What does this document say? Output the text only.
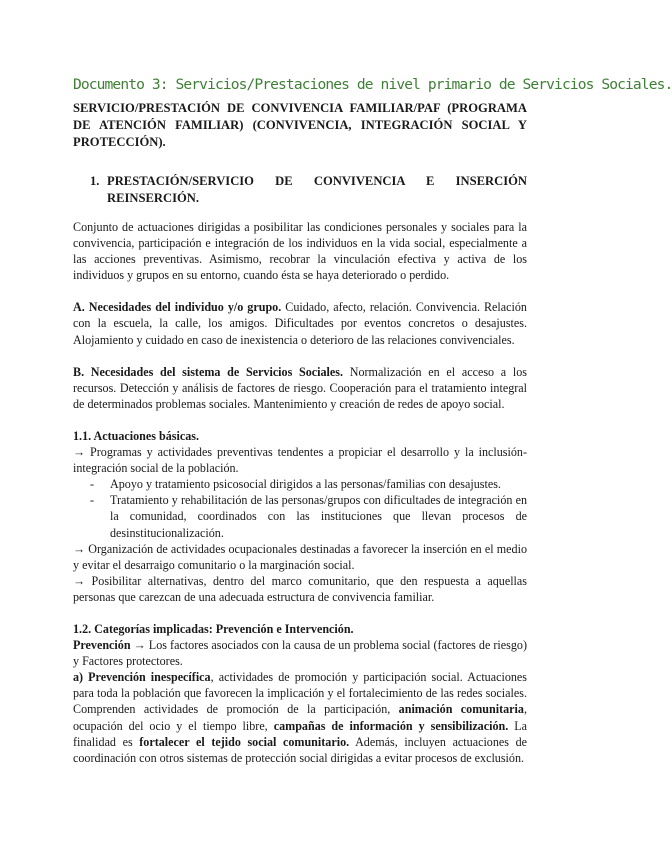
Documento 3: Servicios/Prestaciones de nivel primario de Servicios Sociales.
SERVICIO/PRESTACIÓN DE CONVIVENCIA FAMILIAR/PAF (PROGRAMA DE ATENCIÓN FAMILIAR) (CONVIVENCIA, INTEGRACIÓN SOCIAL Y PROTECCIÓN).
1. PRESTACIÓN/SERVICIO DE CONVIVENCIA E INSERCIÓN REINSERCIÓN.

Conjunto de actuaciones dirigidas a posibilitar las condiciones personales y sociales para la convivencia, participación e integración de los individuos en la vida social, especialmente a las acciones preventivas. Asimismo, recobrar la vinculación efectiva y activa de los individuos y grupos en su entorno, cuando ésta se haya deteriorado o perdido.

A. Necesidades del individuo y/o grupo. Cuidado, afecto, relación. Convivencia. Relación con la escuela, la calle, los amigos. Dificultades por eventos concretos o desajustes. Alojamiento y cuidado en caso de inexistencia o deterioro de las relaciones convivenciales.

B. Necesidades del sistema de Servicios Sociales. Normalización en el acceso a los recursos. Detección y análisis de factores de riesgo. Cooperación para el tratamiento integral de determinados problemas sociales. Mantenimiento y creación de redes de apoyo social.

1.1. Actuaciones básicas.

→ Programas y actividades preventivas tendentes a propiciar el desarrollo y la inclusión-integración social de la población.

-	Apoyo y tratamiento psicosocial dirigidos a las personas/familias con desajustes.
-	Tratamiento y rehabilitación de las personas/grupos con dificultades de integración en la comunidad, coordinados con las instituciones que llevan procesos de desinstitucionalización.

→ Organización de actividades ocupacionales destinadas a favorecer la inserción en el medio y evitar el desarraigo comunitario o la marginación social.

→ Posibilitar alternativas, dentro del marco comunitario, que den respuesta a aquellas personas que carezcan de una adecuada estructura de convivencia familiar.

1.2. Categorías implicadas: Prevención e Intervención.

Prevención → Los factores asociados con la causa de un problema social (factores de riesgo) y Factores protectores.

a) Prevención inespecífica, actividades de promoción y participación social. Actuaciones para toda la población que favorecen la implicación y el fortalecimiento de las redes sociales. Comprenden actividades de promoción de la participación, animación comunitaria, ocupación del ocio y el tiempo libre, campañas de información y sensibilización. La finalidad es fortalecer el tejido social comunitario. Además, incluyen actuaciones de coordinación con otros sistemas de protección social dirigidas a evitar procesos de exclusión.
